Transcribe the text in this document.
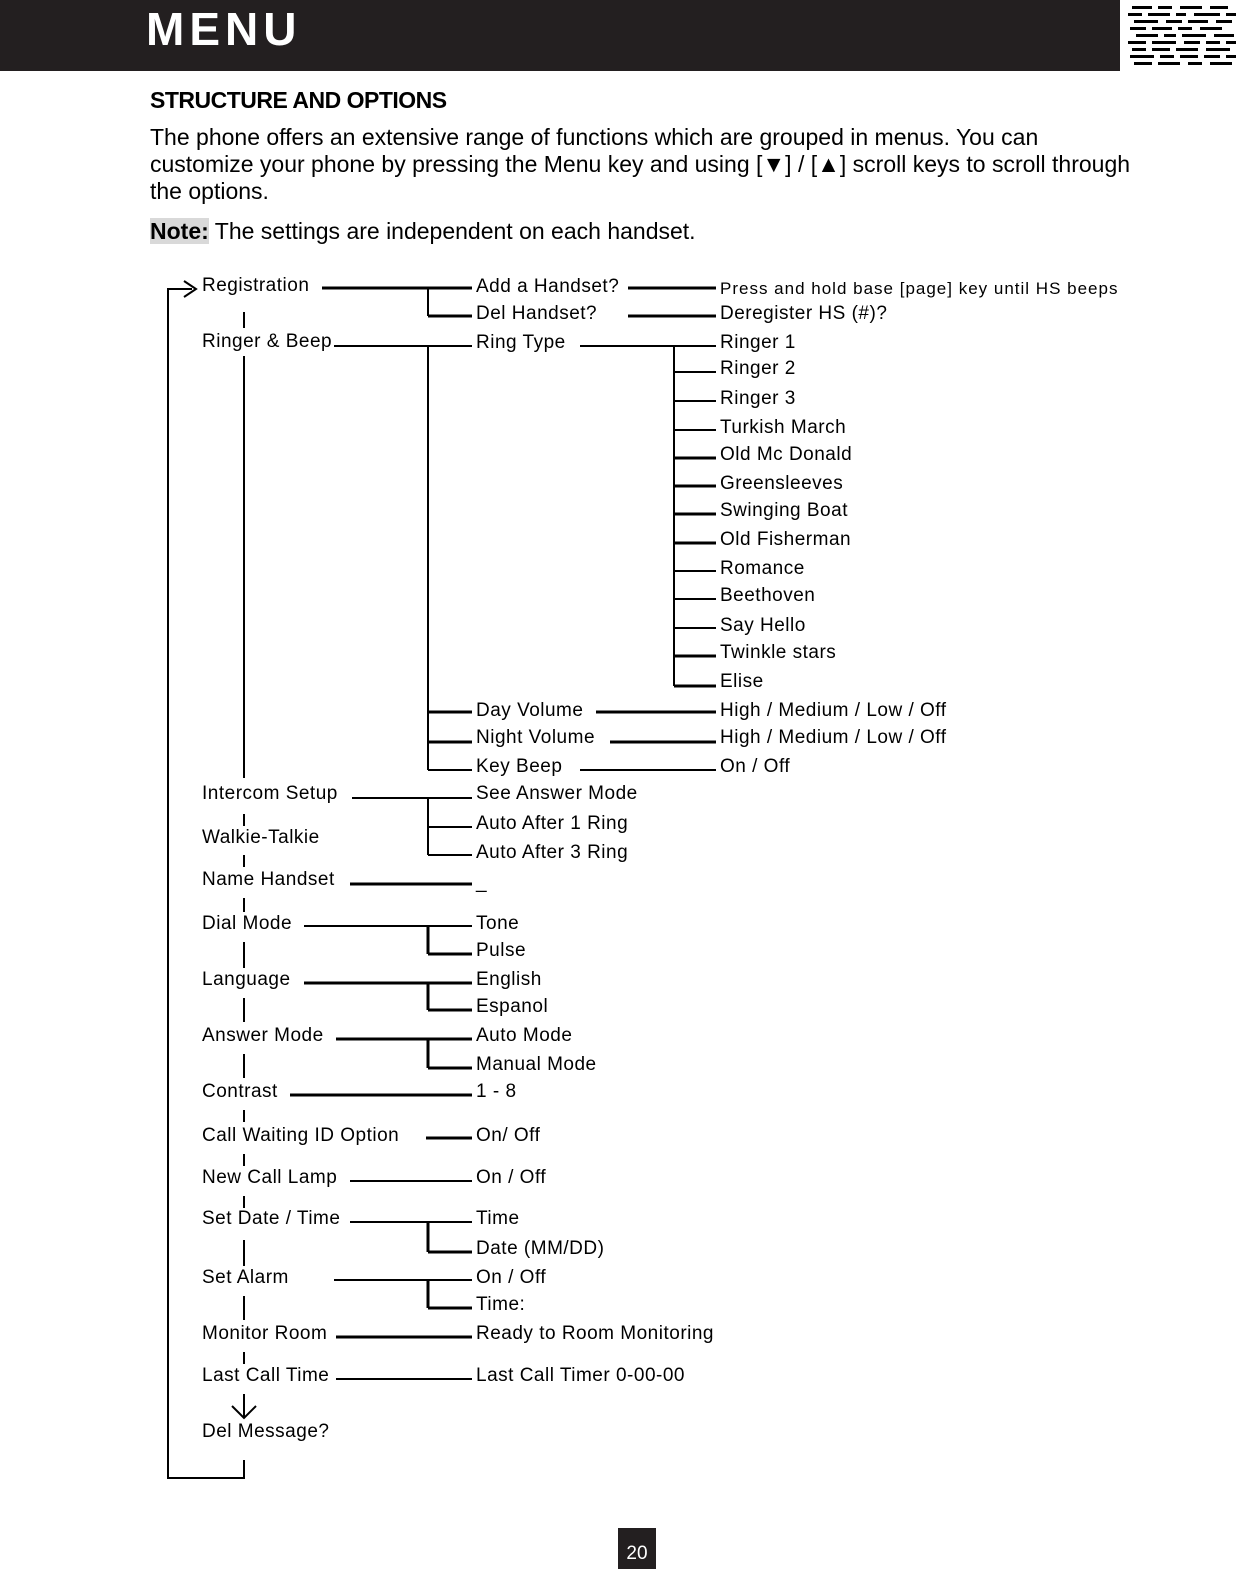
MENU
STRUCTURE AND OPTIONS
The phone offers an extensive range of functions which are grouped in menus. You can customize your phone by pressing the Menu key and using [▼] / [▲] scroll keys to scroll through the options.
Note: The settings are independent on each handset.
Registration
Ringer & Beep
Intercom Setup
Walkie-Talkie
Name Handset
Dial Mode
Language
Answer Mode
Contrast
Call Waiting ID Option
New Call Lamp
Set Date / Time
Set Alarm
Monitor Room
Last Call Time
Del Message?
Add a Handset?
Del Handset?
Ring Type
Day Volume
Night Volume
Key Beep
See Answer Mode
Auto After 1 Ring
Auto After 3 Ring
_
Tone
Pulse
English
Espanol
Auto Mode
Manual Mode
1 - 8
On/ Off
On / Off
Time
Date (MM/DD)
On / Off
Time:
Ready to Room Monitoring
Last Call Timer 0-00-00
Press and hold base [page] key until HS beeps
Deregister HS (#)?
Ringer 1
Ringer 2
Ringer 3
Turkish March
Old Mc Donald
Greensleeves
Swinging Boat
Old Fisherman
Romance
Beethoven
Say Hello
Twinkle stars
Elise
High / Medium / Low / Off
High / Medium / Low / Off
On / Off
20
